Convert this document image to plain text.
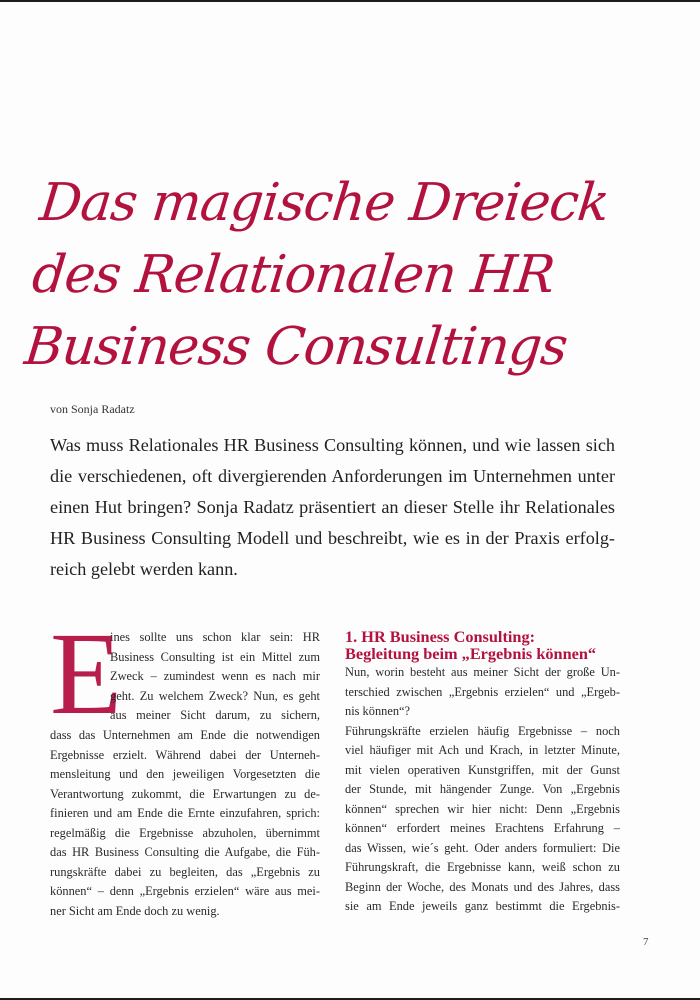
Das magische Dreieck
des Relationalen HR
Business Consultings
von Sonja Radatz
Was muss Relationales HR Business Consulting können, und wie lassen sich
die verschiedenen, oft divergierenden Anforderungen im Unternehmen unter
einen Hut bringen? Sonja Radatz präsentiert an dieser Stelle ihr Relationales
HR Business Consulting Modell und beschreibt, wie es in der Praxis erfolg-
reich gelebt werden kann.
E
ines sollte uns schon klar sein: HR
Business Consulting ist ein Mittel zum
Zweck – zumindest wenn es nach mir
geht. Zu welchem Zweck? Nun, es geht
aus meiner Sicht darum, zu sichern,
dass das Unternehmen am Ende die notwendigen
Ergebnisse erzielt. Während dabei der Unterneh-
mensleitung und den jeweiligen Vorgesetzten die
Verantwortung zukommt, die Erwartungen zu de-
finieren und am Ende die Ernte einzufahren, sprich:
regelmäßig die Ergebnisse abzuholen, übernimmt
das HR Business Consulting die Aufgabe, die Füh-
rungskräfte dabei zu begleiten, das „Ergebnis zu
können“ – denn „Ergebnis erzielen“ wäre aus mei-
ner Sicht am Ende doch zu wenig.
1. HR Business Consulting:
Begleitung beim „Ergebnis können“
Nun, worin besteht aus meiner Sicht der große Un-
terschied zwischen „Ergebnis erzielen“ und „Ergeb-
nis können“?
Führungskräfte erzielen häufig Ergebnisse – noch
viel häufiger mit Ach und Krach, in letzter Minute,
mit vielen operativen Kunstgriffen, mit der Gunst
der Stunde, mit hängender Zunge. Von „Ergebnis
können“ sprechen wir hier nicht: Denn „Ergebnis
können“ erfordert meines Erachtens Erfahrung –
das Wissen, wie´s geht. Oder anders formuliert: Die
Führungskraft, die Ergebnisse kann, weiß schon zu
Beginn der Woche, des Monats und des Jahres, dass
sie am Ende jeweils ganz bestimmt die Ergebnis-
7
